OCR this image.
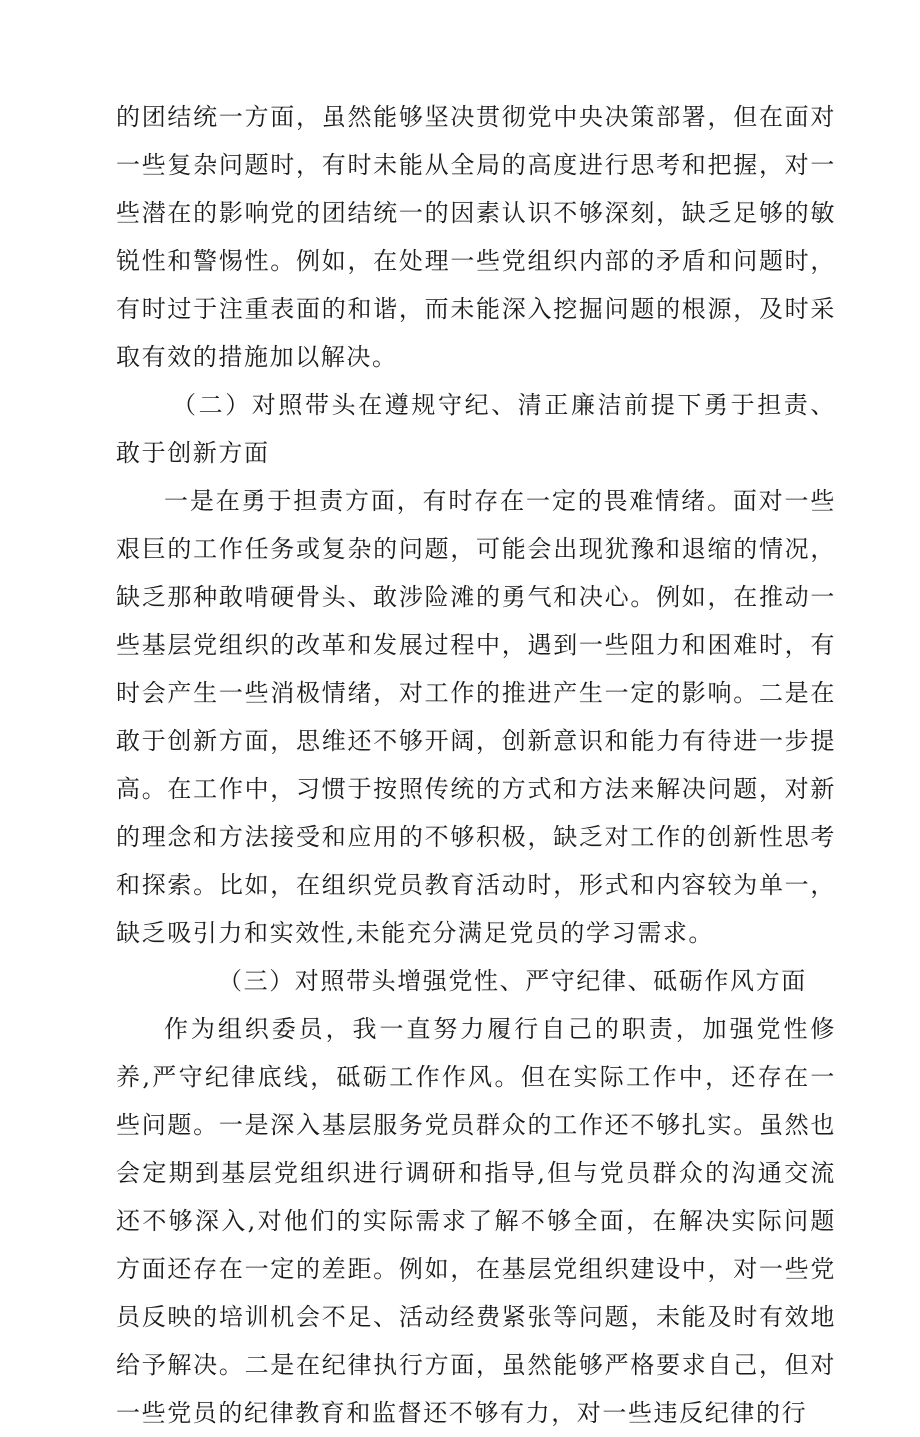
的团结统一方面，虽然能够坚决贯彻党中央决策部署，但在面对一些复杂问题时，有时未能从全局的高度进行思考和把握，对一些潜在的影响党的团结统一的因素认识不够深刻，缺乏足够的敏锐性和警惕性。例如，在处理一些党组织内部的矛盾和问题时，有时过于注重表面的和谐，而未能深入挖掘问题的根源，及时采取有效的措施加以解决。

（二）对照带头在遵规守纪、清正廉洁前提下勇于担责、敢于创新方面

一是在勇于担责方面，有时存在一定的畏难情绪。面对一些艰巨的工作任务或复杂的问题，可能会出现犹豫和退缩的情况，缺乏那种敢啃硬骨头、敢涉险滩的勇气和决心。例如，在推动一些基层党组织的改革和发展过程中，遇到一些阻力和困难时，有时会产生一些消极情绪，对工作的推进产生一定的影响。二是在敢于创新方面，思维还不够开阔，创新意识和能力有待进一步提高。在工作中，习惯于按照传统的方式和方法来解决问题，对新的理念和方法接受和应用的不够积极，缺乏对工作的创新性思考和探索。比如，在组织党员教育活动时，形式和内容较为单一，缺乏吸引力和实效性,未能充分满足党员的学习需求。

（三）对照带头增强党性、严守纪律、砥砺作风方面

作为组织委员，我一直努力履行自己的职责，加强党性修养,严守纪律底线，砥砺工作作风。但在实际工作中，还存在一些问题。一是深入基层服务党员群众的工作还不够扎实。虽然也会定期到基层党组织进行调研和指导,但与党员群众的沟通交流还不够深入,对他们的实际需求了解不够全面，在解决实际问题方面还存在一定的差距。例如，在基层党组织建设中，对一些党员反映的培训机会不足、活动经费紧张等问题，未能及时有效地给予解决。二是在纪律执行方面，虽然能够严格要求自己，但对一些党员的纪律教育和监督还不够有力，对一些违反纪律的行
